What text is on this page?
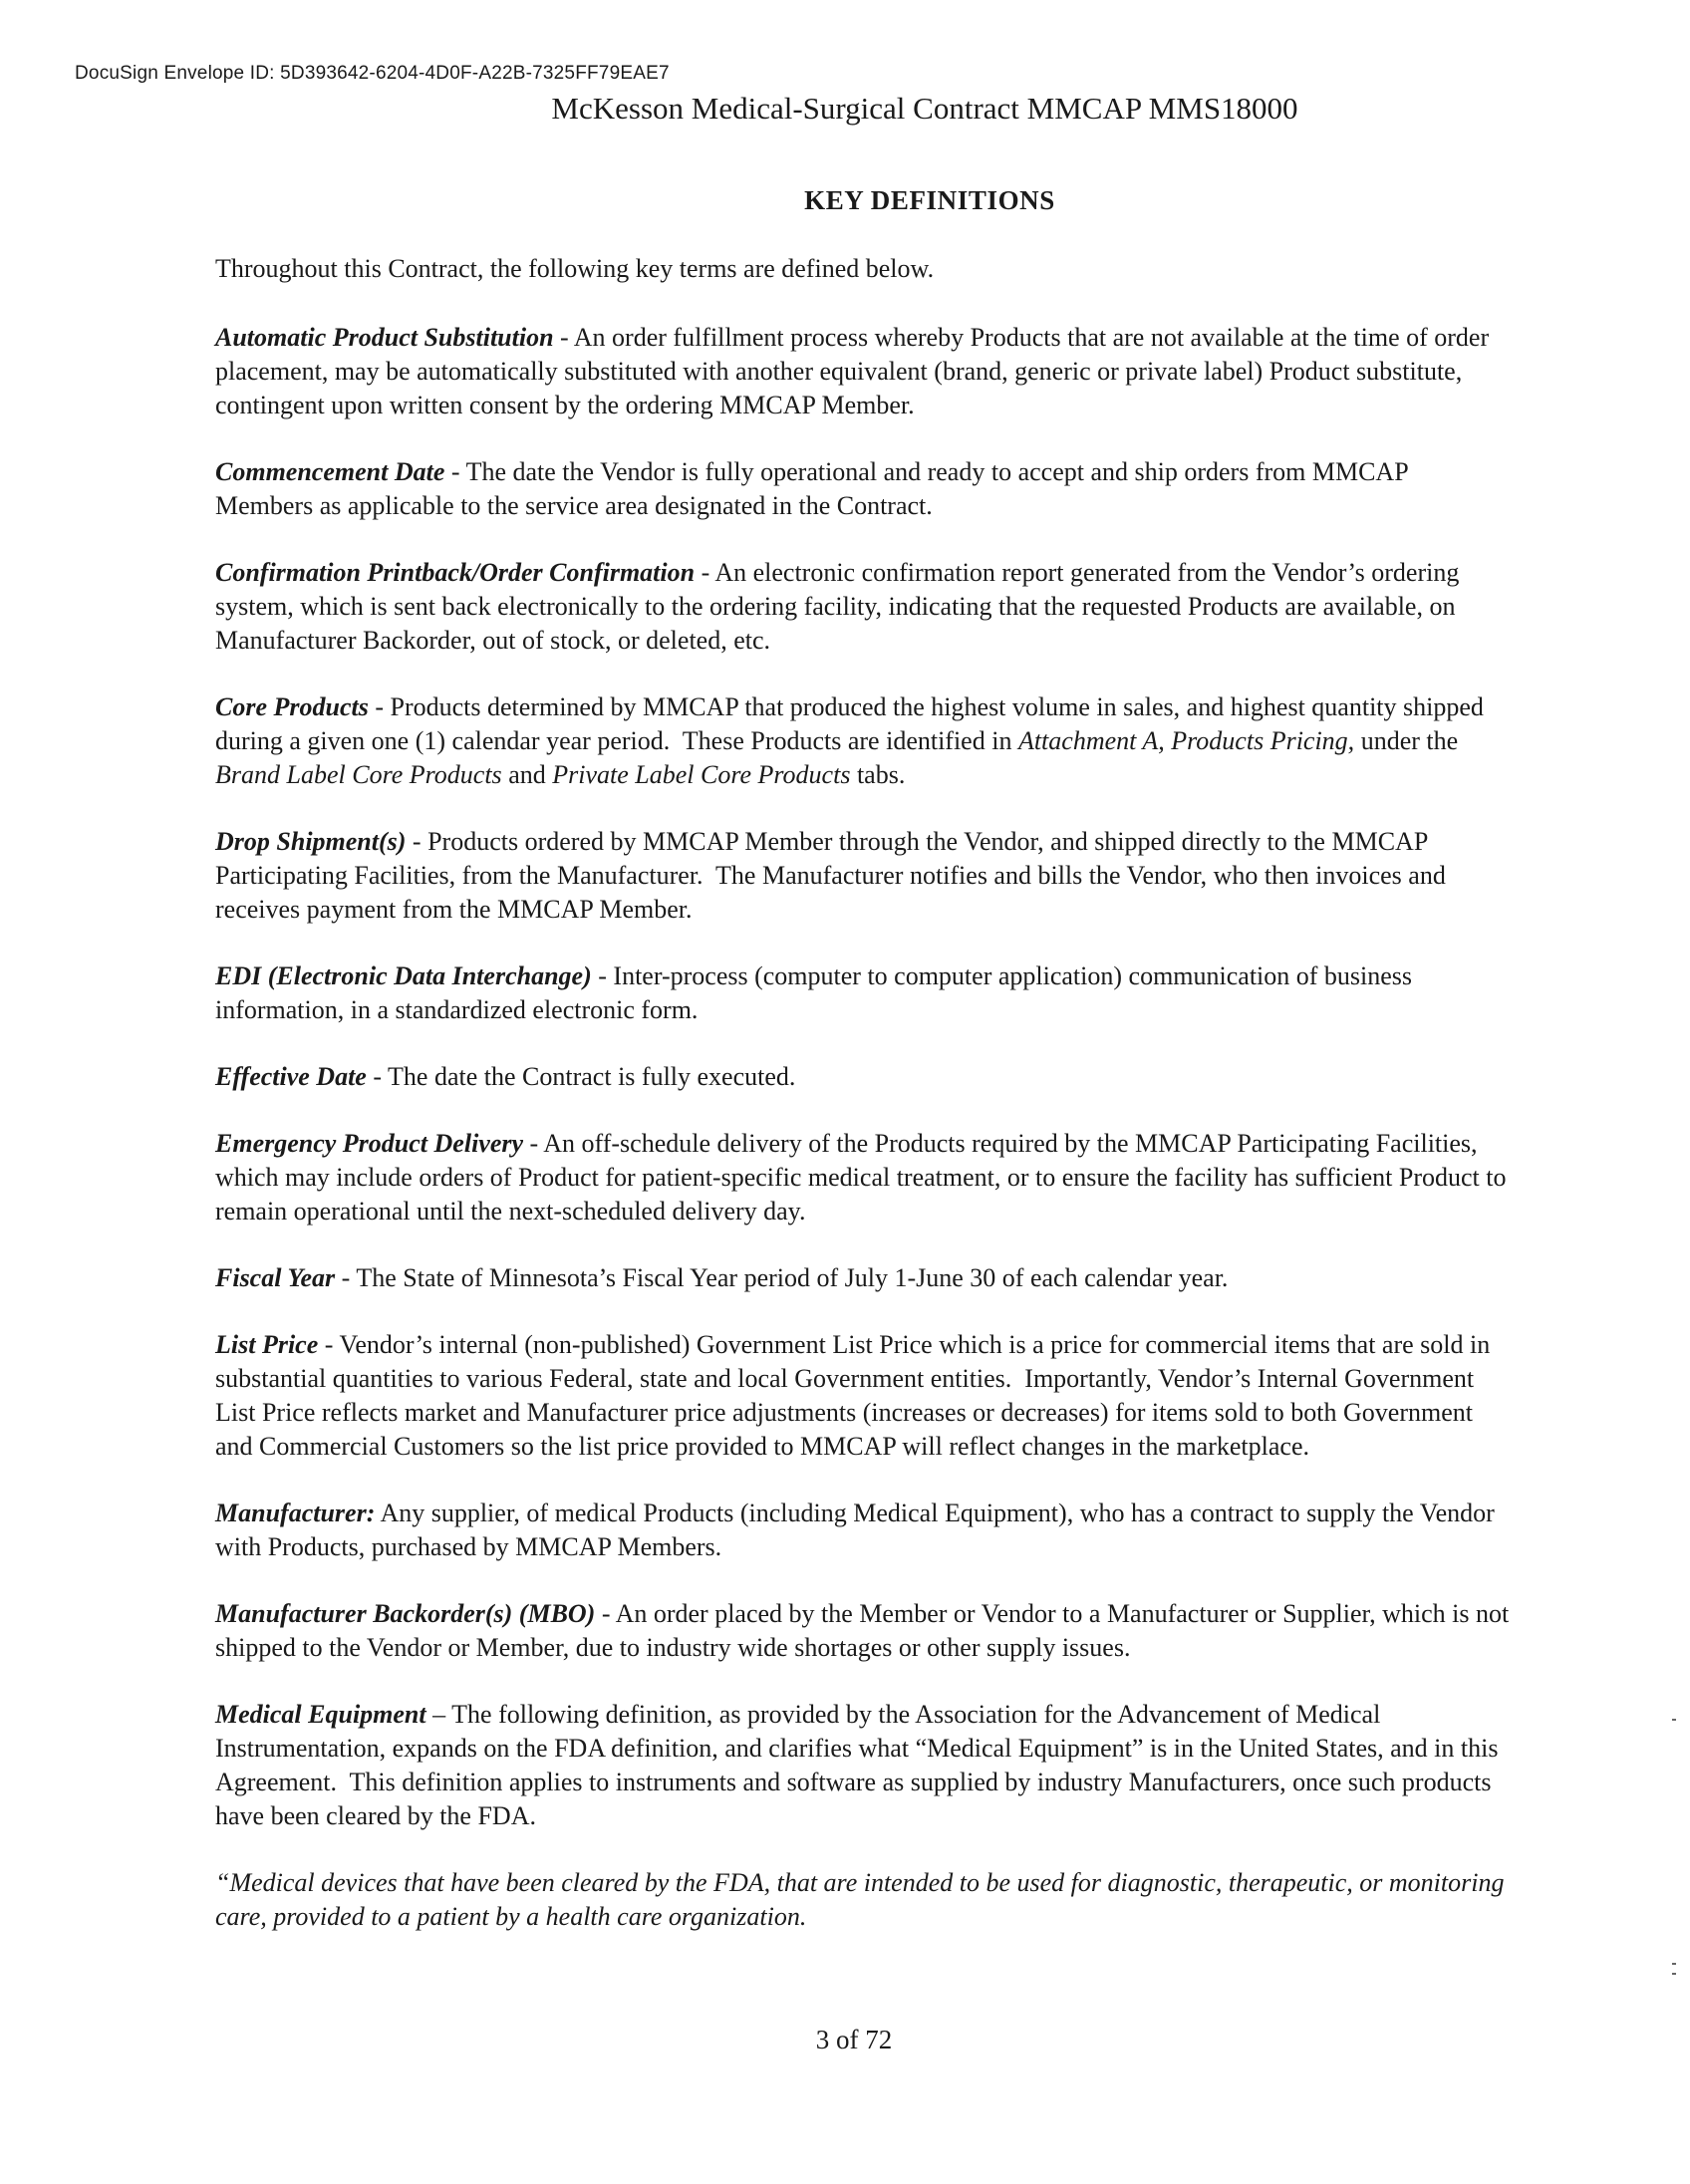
DocuSign Envelope ID: 5D393642-6204-4D0F-A22B-7325FF79EAE7
McKesson Medical-Surgical Contract MMCAP MMS18000
KEY DEFINITIONS

Throughout this Contract, the following key terms are defined below.

Automatic Product Substitution - An order fulfillment process whereby Products that are not available at the time of order placement, may be automatically substituted with another equivalent (brand, generic or private label) Product substitute, contingent upon written consent by the ordering MMCAP Member.

Commencement Date - The date the Vendor is fully operational and ready to accept and ship orders from MMCAP   Members as applicable to the service area designated in the Contract.

Confirmation Printback/Order Confirmation - An electronic confirmation report generated from the Vendor’s ordering system, which is sent back electronically to the ordering facility, indicating that the requested Products are available, on Manufacturer Backorder, out of stock, or deleted, etc.

Core Products - Products determined by MMCAP that produced the highest volume in sales, and highest quantity shipped during a given one (1) calendar year period.  These Products are identified in Attachment A, Products Pricing, under the Brand Label Core Products and Private Label Core Products tabs.

Drop Shipment(s) - Products ordered by MMCAP Member through the Vendor, and shipped directly to the MMCAP Participating Facilities, from the Manufacturer.  The Manufacturer notifies and bills the Vendor, who then invoices and receives payment from the MMCAP Member.

EDI (Electronic Data Interchange) - Inter-process (computer to computer application) communication of business information, in a standardized electronic form.

Effective Date - The date the Contract is fully executed.

Emergency Product Delivery - An off-schedule delivery of the Products required by the MMCAP Participating Facilities, which may include orders of Product for patient-specific medical treatment, or to ensure the facility has sufficient Product to remain operational until the next-scheduled delivery day.

Fiscal Year - The State of Minnesota’s Fiscal Year period of July 1-June 30 of each calendar year.

List Price - Vendor’s internal (non-published) Government List Price which is a price for commercial items that are sold in substantial quantities to various Federal, state and local Government entities.  Importantly, Vendor’s Internal Government List Price reflects market and Manufacturer price adjustments (increases or decreases) for items sold to both Government and Commercial Customers so the list price provided to MMCAP will reflect changes in the marketplace.

Manufacturer: Any supplier, of medical Products (including Medical Equipment), who has a contract to supply the Vendor with Products, purchased by MMCAP Members.

Manufacturer Backorder(s) (MBO) - An order placed by the Member or Vendor to a Manufacturer or Supplier, which is not shipped to the Vendor or Member, due to industry wide shortages or other supply issues.

Medical Equipment – The following definition, as provided by the Association for the Advancement of Medical Instrumentation, expands on the FDA definition, and clarifies what “Medical Equipment” is in the United States, and in this Agreement.  This definition applies to instruments and software as supplied by industry Manufacturers, once such products have been cleared by the FDA.

“Medical devices that have been cleared by the FDA, that are intended to be used for diagnostic, therapeutic, or monitoring care, provided to a patient by a health care organization.

3 of 72
